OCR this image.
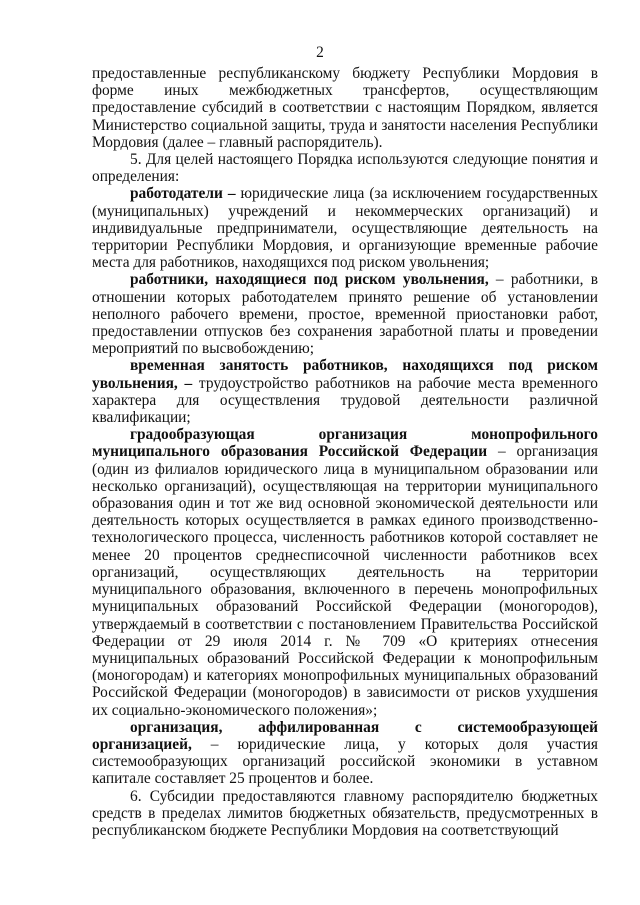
2

предоставленные республиканскому бюджету Республики Мордовия в форме иных межбюджетных трансфертов, осуществляющим предоставление субсидий в соответствии с настоящим Порядком, является Министерство социальной защиты, труда и занятости населения Республики Мордовия (далее – главный распорядитель).

5. Для целей настоящего Порядка используются следующие понятия и определения:

работодатели – юридические лица (за исключением государственных (муниципальных) учреждений и некоммерческих организаций) и индивидуальные предприниматели, осуществляющие деятельность на территории Республики Мордовия, и организующие временные рабочие места для работников, находящихся под риском увольнения;

работники, находящиеся под риском увольнения, – работники, в отношении которых работодателем принято решение об установлении неполного рабочего времени, простое, временной приостановки работ, предоставлении отпусков без сохранения заработной платы и проведении мероприятий по высвобождению;

временная занятость работников, находящихся под риском увольнения, – трудоустройство работников на рабочие места временного характера для осуществления трудовой деятельности различной квалификации;

градообразующая организация монопрофильного муниципального образования Российской Федерации – организация (один из филиалов юридического лица в муниципальном образовании или несколько организаций), осуществляющая на территории муниципального образования один и тот же вид основной экономической деятельности или деятельность которых осуществляется в рамках единого производственно-технологического процесса, численность работников которой составляет не менее 20 процентов среднесписочной численности работников всех организаций, осуществляющих деятельность на территории муниципального образования, включенного в перечень монопрофильных муниципальных образований Российской Федерации (моногородов), утверждаемый в соответствии с постановлением Правительства Российской Федерации от 29 июля 2014 г. № 709 «О критериях отнесения муниципальных образований Российской Федерации к монопрофильным (моногородам) и категориях монопрофильных муниципальных образований Российской Федерации (моногородов) в зависимости от рисков ухудшения их социально-экономического положения»;

организация, аффилированная с системообразующей организацией, – юридические лица, у которых доля участия системообразующих организаций российской экономики в уставном капитале составляет 25 процентов и более.

6. Субсидии предоставляются главному распорядителю бюджетных средств в пределах лимитов бюджетных обязательств, предусмотренных в республиканском бюджете Республики Мордовия на соответствующий
